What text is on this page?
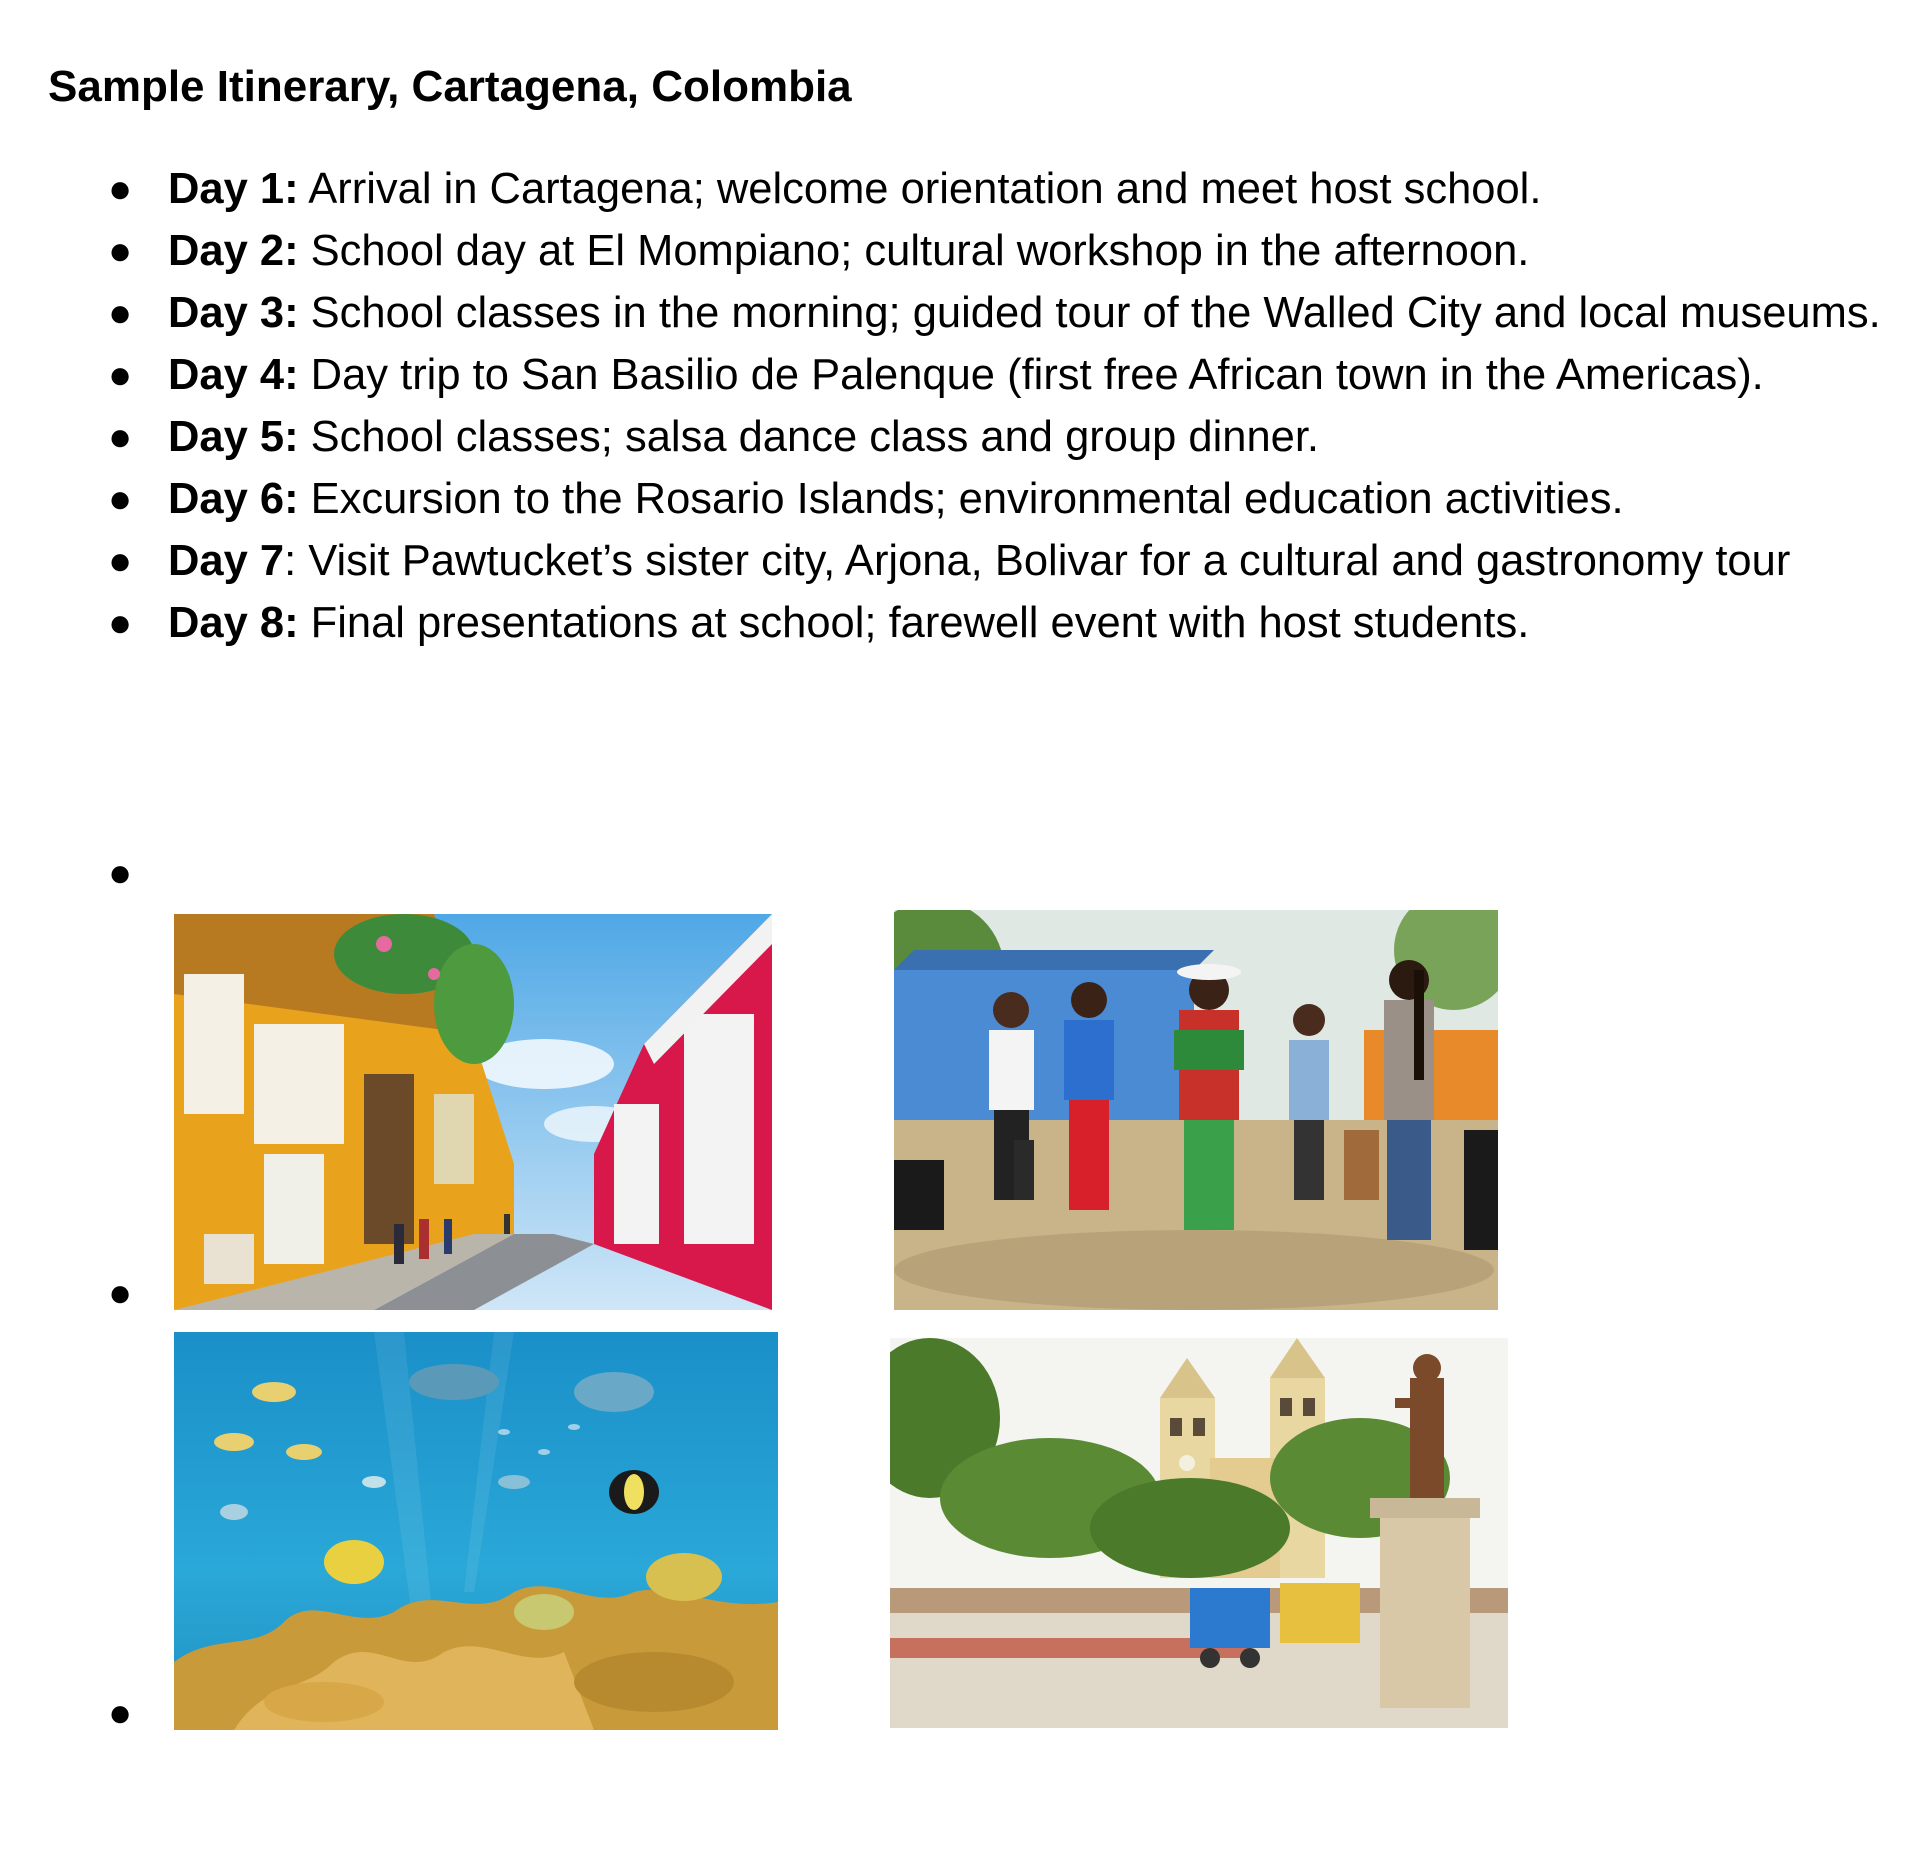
Sample Itinerary, Cartagena, Colombia
● Day 1: Arrival in Cartagena; welcome orientation and meet host school.
● Day 2: School day at El Mompiano; cultural workshop in the afternoon.
● Day 3: School classes in the morning; guided tour of the Walled City and local museums.
● Day 4: Day trip to San Basilio de Palenque (first free African town in the Americas).
● Day 5: School classes; salsa dance class and group dinner.
● Day 6: Excursion to the Rosario Islands; environmental education activities.
● Day 7: Visit Pawtucket’s sister city, Arjona, Bolivar for a cultural and gastronomy tour
● Day 8: Final presentations at school; farewell event with host students.
●
●
●
